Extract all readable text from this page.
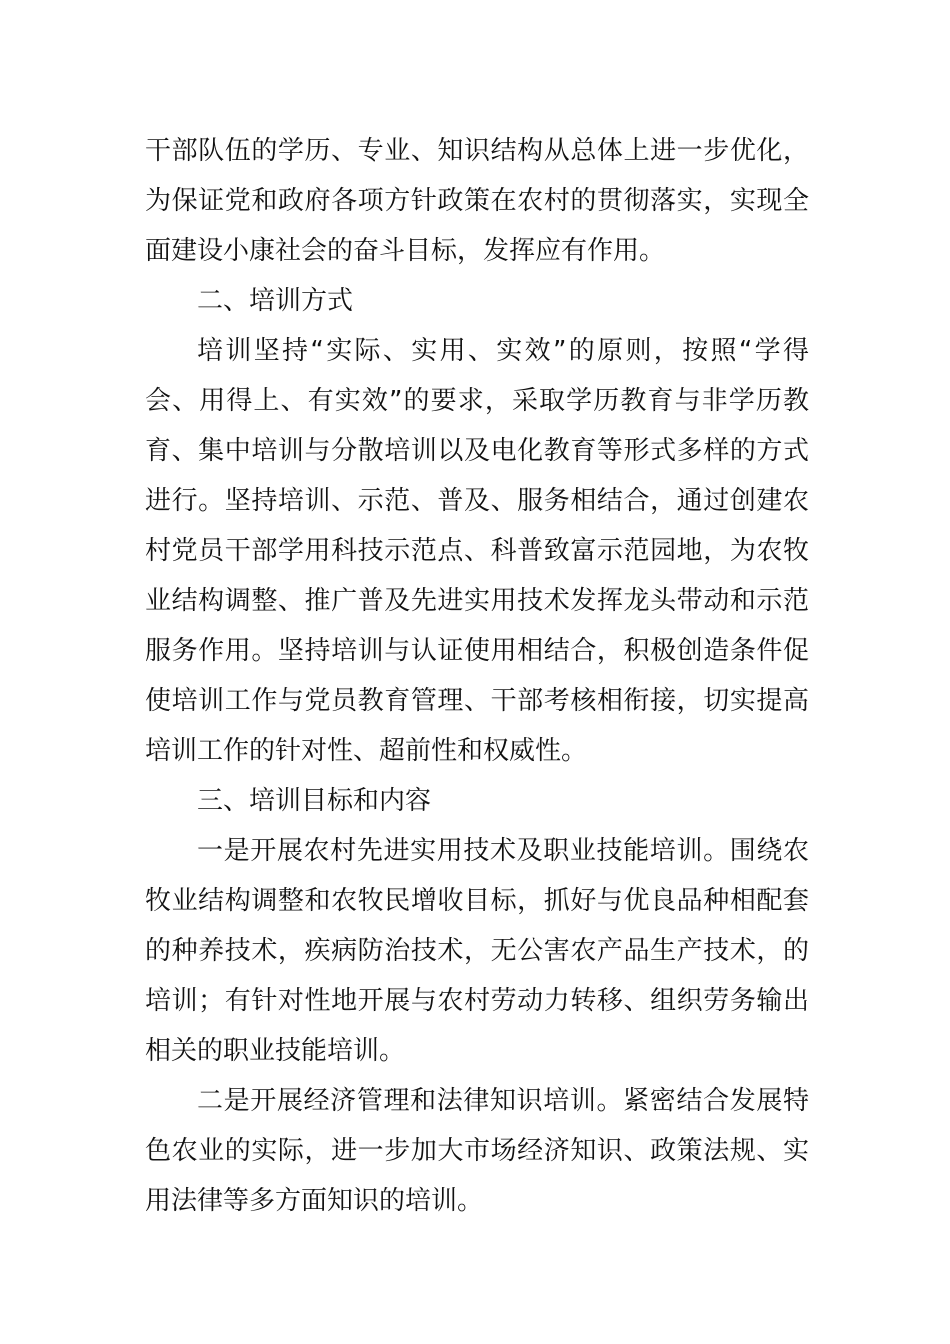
干部队伍的学历、专业、知识结构从总体上进一步优化，为保证党和政府各项方针政策在农村的贯彻落实，实现全面建设小康社会的奋斗目标，发挥应有作用。

二、培训方式

培训坚持“实际、实用、实效”的原则，按照“学得会、用得上、有实效”的要求，采取学历教育与非学历教育、集中培训与分散培训以及电化教育等形式多样的方式进行。坚持培训、示范、普及、服务相结合，通过创建农村党员干部学用科技示范点、科普致富示范园地，为农牧业结构调整、推广普及先进实用技术发挥龙头带动和示范服务作用。坚持培训与认证使用相结合，积极创造条件促使培训工作与党员教育管理、干部考核相衔接，切实提高培训工作的针对性、超前性和权威性。

三、培训目标和内容

一是开展农村先进实用技术及职业技能培训。围绕农牧业结构调整和农牧民增收目标，抓好与优良品种相配套的种养技术，疾病防治技术，无公害农产品生产技术，的培训；有针对性地开展与农村劳动力转移、组织劳务输出相关的职业技能培训。

二是开展经济管理和法律知识培训。紧密结合发展特色农业的实际，进一步加大市场经济知识、政策法规、实用法律等多方面知识的培训。
